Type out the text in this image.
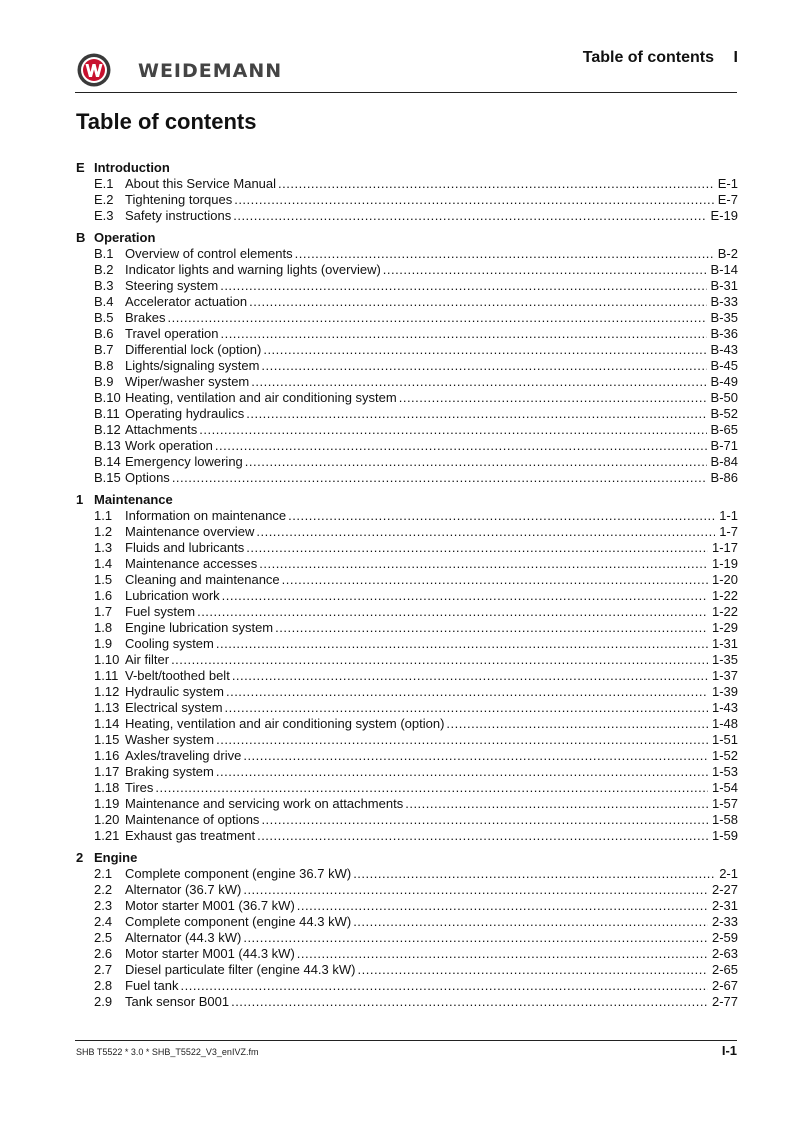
WEIDEMANN
Table of contents I
Table of contents
E Introduction
E.1 About this Service Manual .....	E-1
E.2 Tightening torques .....	E-7
E.3 Safety instructions .....	E-19
B Operation
B.1 Overview of control elements .....	B-2
B.2 Indicator lights and warning lights (overview) .....	B-14
B.3 Steering system .....	B-31
B.4 Accelerator actuation .....	B-33
B.5 Brakes .....	B-35
B.6 Travel operation .....	B-36
B.7 Differential lock (option) .....	B-43
B.8 Lights/signaling system .....	B-45
B.9 Wiper/washer system .....	B-49
B.10 Heating, ventilation and air conditioning system .....	B-50
B.11 Operating hydraulics .....	B-52
B.12 Attachments .....	B-65
B.13 Work operation .....	B-71
B.14 Emergency lowering .....	B-84
B.15 Options .....	B-86
1 Maintenance
1.1 Information on maintenance .....	1-1
1.2 Maintenance overview .....	1-7
1.3 Fluids and lubricants .....	1-17
1.4 Maintenance accesses .....	1-19
1.5 Cleaning and maintenance .....	1-20
1.6 Lubrication work .....	1-22
1.7 Fuel system .....	1-22
1.8 Engine lubrication system .....	1-29
1.9 Cooling system .....	1-31
1.10 Air filter .....	1-35
1.11 V-belt/toothed belt .....	1-37
1.12 Hydraulic system .....	1-39
1.13 Electrical system .....	1-43
1.14 Heating, ventilation and air conditioning system (option) .....	1-48
1.15 Washer system .....	1-51
1.16 Axles/traveling drive .....	1-52
1.17 Braking system .....	1-53
1.18 Tires .....	1-54
1.19 Maintenance and servicing work on attachments .....	1-57
1.20 Maintenance of options .....	1-58
1.21 Exhaust gas treatment .....	1-59
2 Engine
2.1 Complete component (engine 36.7 kW) .....	2-1
2.2 Alternator (36.7 kW) .....	2-27
2.3 Motor starter M001 (36.7 kW) .....	2-31
2.4 Complete component (engine 44.3 kW) .....	2-33
2.5 Alternator (44.3 kW) .....	2-59
2.6 Motor starter M001 (44.3 kW) .....	2-63
2.7 Diesel particulate filter (engine 44.3 kW) .....	2-65
2.8 Fuel tank .....	2-67
2.9 Tank sensor B001 .....	2-77
SHB T5522 * 3.0 * SHB_T5522_V3_enIVZ.fm	I-1
